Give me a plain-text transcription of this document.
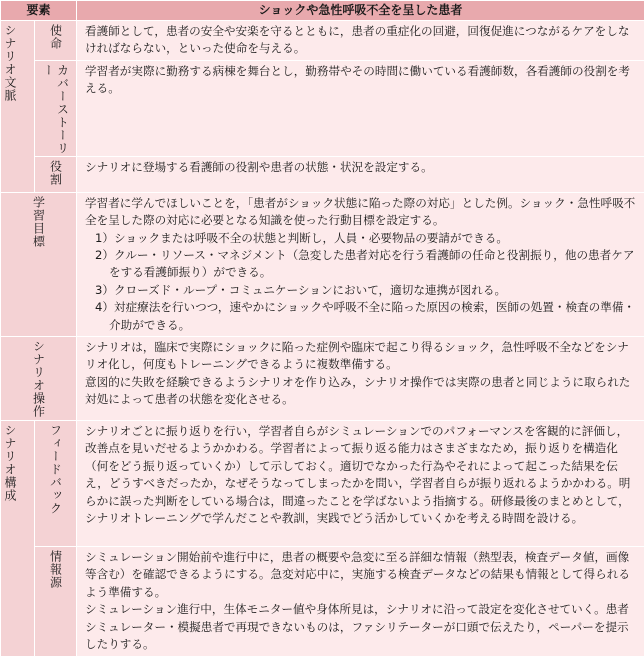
要素		ショックや急性呼吸不全を呈した患者

シナリオ文脈	使命	看護師として，患者の安全や安楽を守るとともに，患者の重症化の回避，回復促進につながるケアをしなければならない，といった使命を与える。

	カバーストーリー	学習者が実際に勤務する病棟を舞台とし，勤務帯やその時間に働いている看護師数，各看護師の役割を考える。

	役割	シナリオに登場する看護師の役割や患者の状態・状況を設定する。

学習目標		学習者に学んでほしいことを，「患者がショック状態に陥った際の対応」とした例。ショック・急性呼吸不全を呈した際の対応に必要となる知識を使った行動目標を設定する。

1）ショックまたは呼吸不全の状態と判断し，人員・必要物品の要請ができる。

2）クルー・リソース・マネジメント（急変した患者対応を行う看護師の任命と役割振り，他の患者ケアをする看護師振り）ができる。

3）クローズド・ループ・コミュニケーションにおいて，適切な連携が図れる。

4）対症療法を行いつつ，速やかにショックや呼吸不全に陥った原因の検索，医師の処置・検査の準備・介助ができる。

シナリオ操作		シナリオは，臨床で実際にショックに陥った症例や臨床で起こり得るショック，急性呼吸不全などをシナリオ化し，何度もトレーニングできるように複数準備する。

意図的に失敗を経験できるようシナリオを作り込み，シナリオ操作では実際の患者と同じように取られた対処によって患者の状態を変化させる。

シナリオ構成	フィードバック	シナリオごとに振り返りを行い，学習者自らがシミュレーションでのパフォーマンスを客観的に評価し，改善点を見いだせるようかかわる。学習者によって振り返る能力はさまざまなため，振り返りを構造化（何をどう振り返っていくか）して示しておく。適切でなかった行為やそれによって起こった結果を伝え，どうすべきだったか，なぜそうなってしまったかを問い，学習者自らが振り返れるようかかわる。明らかに誤った判断をしている場合は，間違ったことを学ばないよう指摘する。研修最後のまとめとして，シナリオトレーニングで学んだことや教訓，実践でどう活かしていくかを考える時間を設ける。

	情報源	シミュレーション開始前や進行中に，患者の概要や急変に至る詳細な情報（熱型表，検査データ値，画像等含む）を確認できるようにする。急変対応中に，実施する検査データなどの結果も情報として得られるよう準備する。

シミュレーション進行中，生体モニター値や身体所見は，シナリオに沿って設定を変化させていく。患者シミュレーター・模擬患者で再現できないものは，ファシリテーターが口頭で伝えたり，ペーパーを提示したりする。
